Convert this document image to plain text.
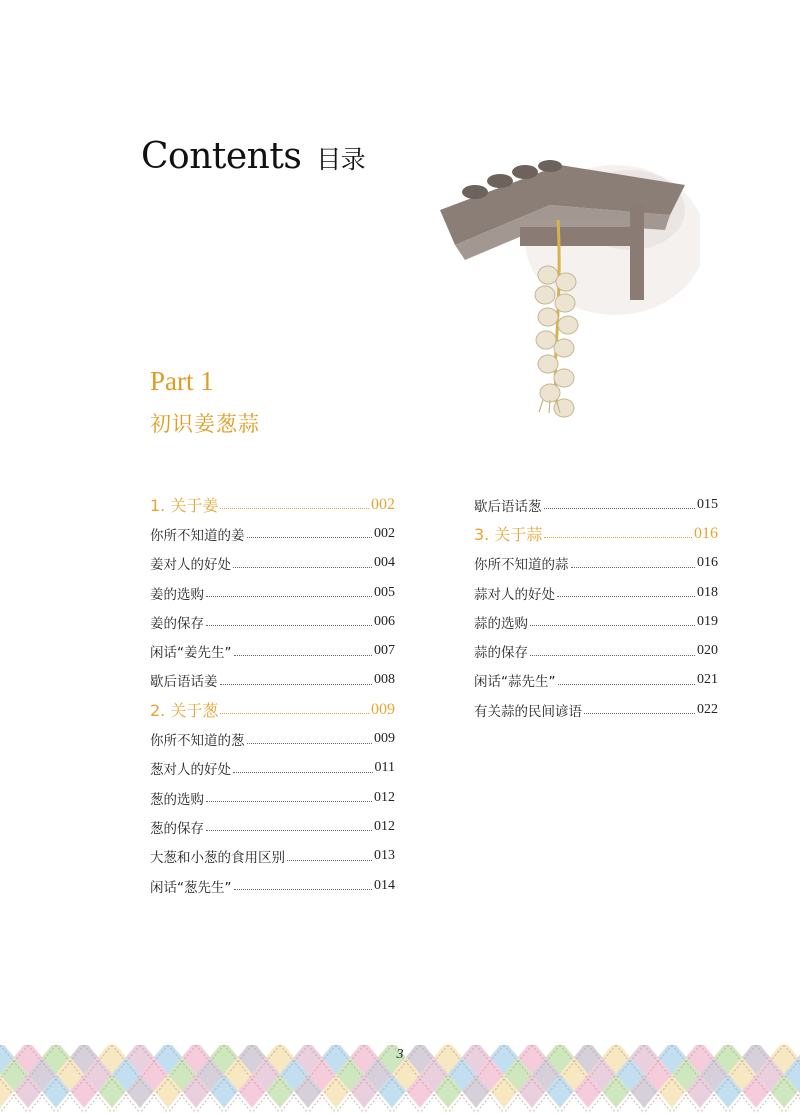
Contents 目录
Part 1
初识姜葱蒜
1. 关于姜	002
你所不知道的姜	002
姜对人的好处	004
姜的选购	005
姜的保存	006
闲话“姜先生”	007
歇后语话姜	008
2. 关于葱	009
你所不知道的葱	009
葱对人的好处	011
葱的选购	012
葱的保存	012
大葱和小葱的食用区别	013
闲话“葱先生”	014
歇后语话葱	015
3. 关于蒜	016
你所不知道的蒜	016
蒜对人的好处	018
蒜的选购	019
蒜的保存	020
闲话“蒜先生”	021
有关蒜的民间谚语	022
3
